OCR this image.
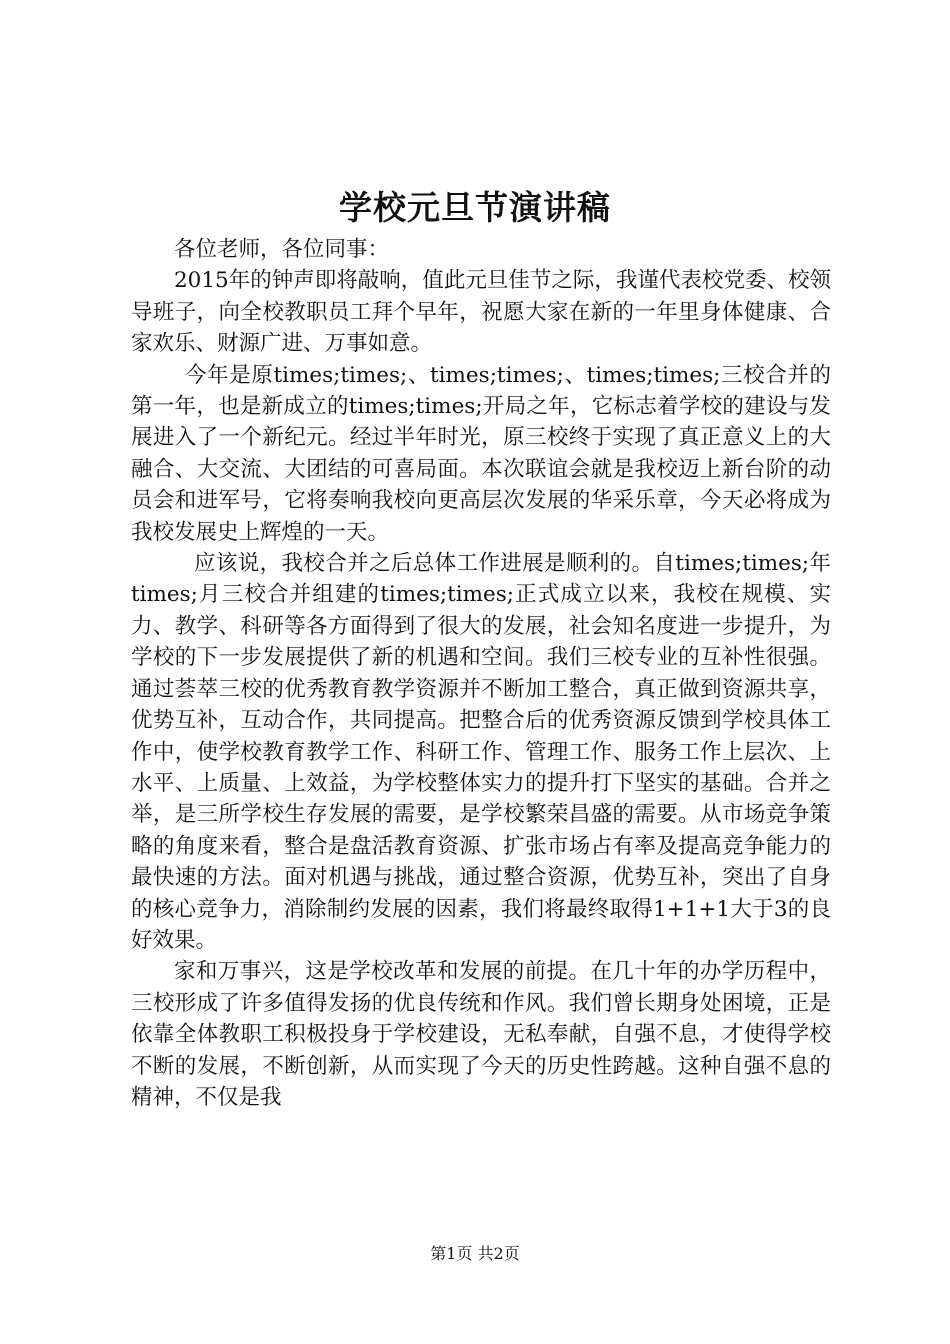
学校元旦节演讲稿

各位老师，各位同事：

2015年的钟声即将敲响，值此元旦佳节之际，我谨代表校党委、校领导班子，向全校教职员工拜个早年，祝愿大家在新的一年里身体健康、合家欢乐、财源广进、万事如意。

今年是原times;times;、times;times;、times;times;三校合并的第一年，也是新成立的times;times;开局之年，它标志着学校的建设与发展进入了一个新纪元。经过半年时光，原三校终于实现了真正意义上的大融合、大交流、大团结的可喜局面。本次联谊会就是我校迈上新台阶的动员会和进军号，它将奏响我校向更高层次发展的华采乐章，今天必将成为我校发展史上辉煌的一天。

应该说，我校合并之后总体工作进展是顺利的。自times;times;年times;月三校合并组建的times;times;正式成立以来，我校在规模、实力、教学、科研等各方面得到了很大的发展，社会知名度进一步提升，为学校的下一步发展提供了新的机遇和空间。我们三校专业的互补性很强。通过荟萃三校的优秀教育教学资源并不断加工整合，真正做到资源共享，优势互补，互动合作，共同提高。把整合后的优秀资源反馈到学校具体工作中，使学校教育教学工作、科研工作、管理工作、服务工作上层次、上水平、上质量、上效益，为学校整体实力的提升打下坚实的基础。合并之举，是三所学校生存发展的需要，是学校繁荣昌盛的需要。从市场竞争策略的角度来看，整合是盘活教育资源、扩张市场占有率及提高竞争能力的最快速的方法。面对机遇与挑战，通过整合资源，优势互补，突出了自身的核心竞争力，消除制约发展的因素，我们将最终取得1+1+1大于3的良好效果。

家和万事兴，这是学校改革和发展的前提。在几十年的办学历程中，三校形成了许多值得发扬的优良传统和作风。我们曾长期身处困境，正是依靠全体教职工积极投身于学校建设，无私奉献，自强不息，才使得学校不断的发展，不断创新，从而实现了今天的历史性跨越。这种自强不息的精神，不仅是我

第1页 共2页
